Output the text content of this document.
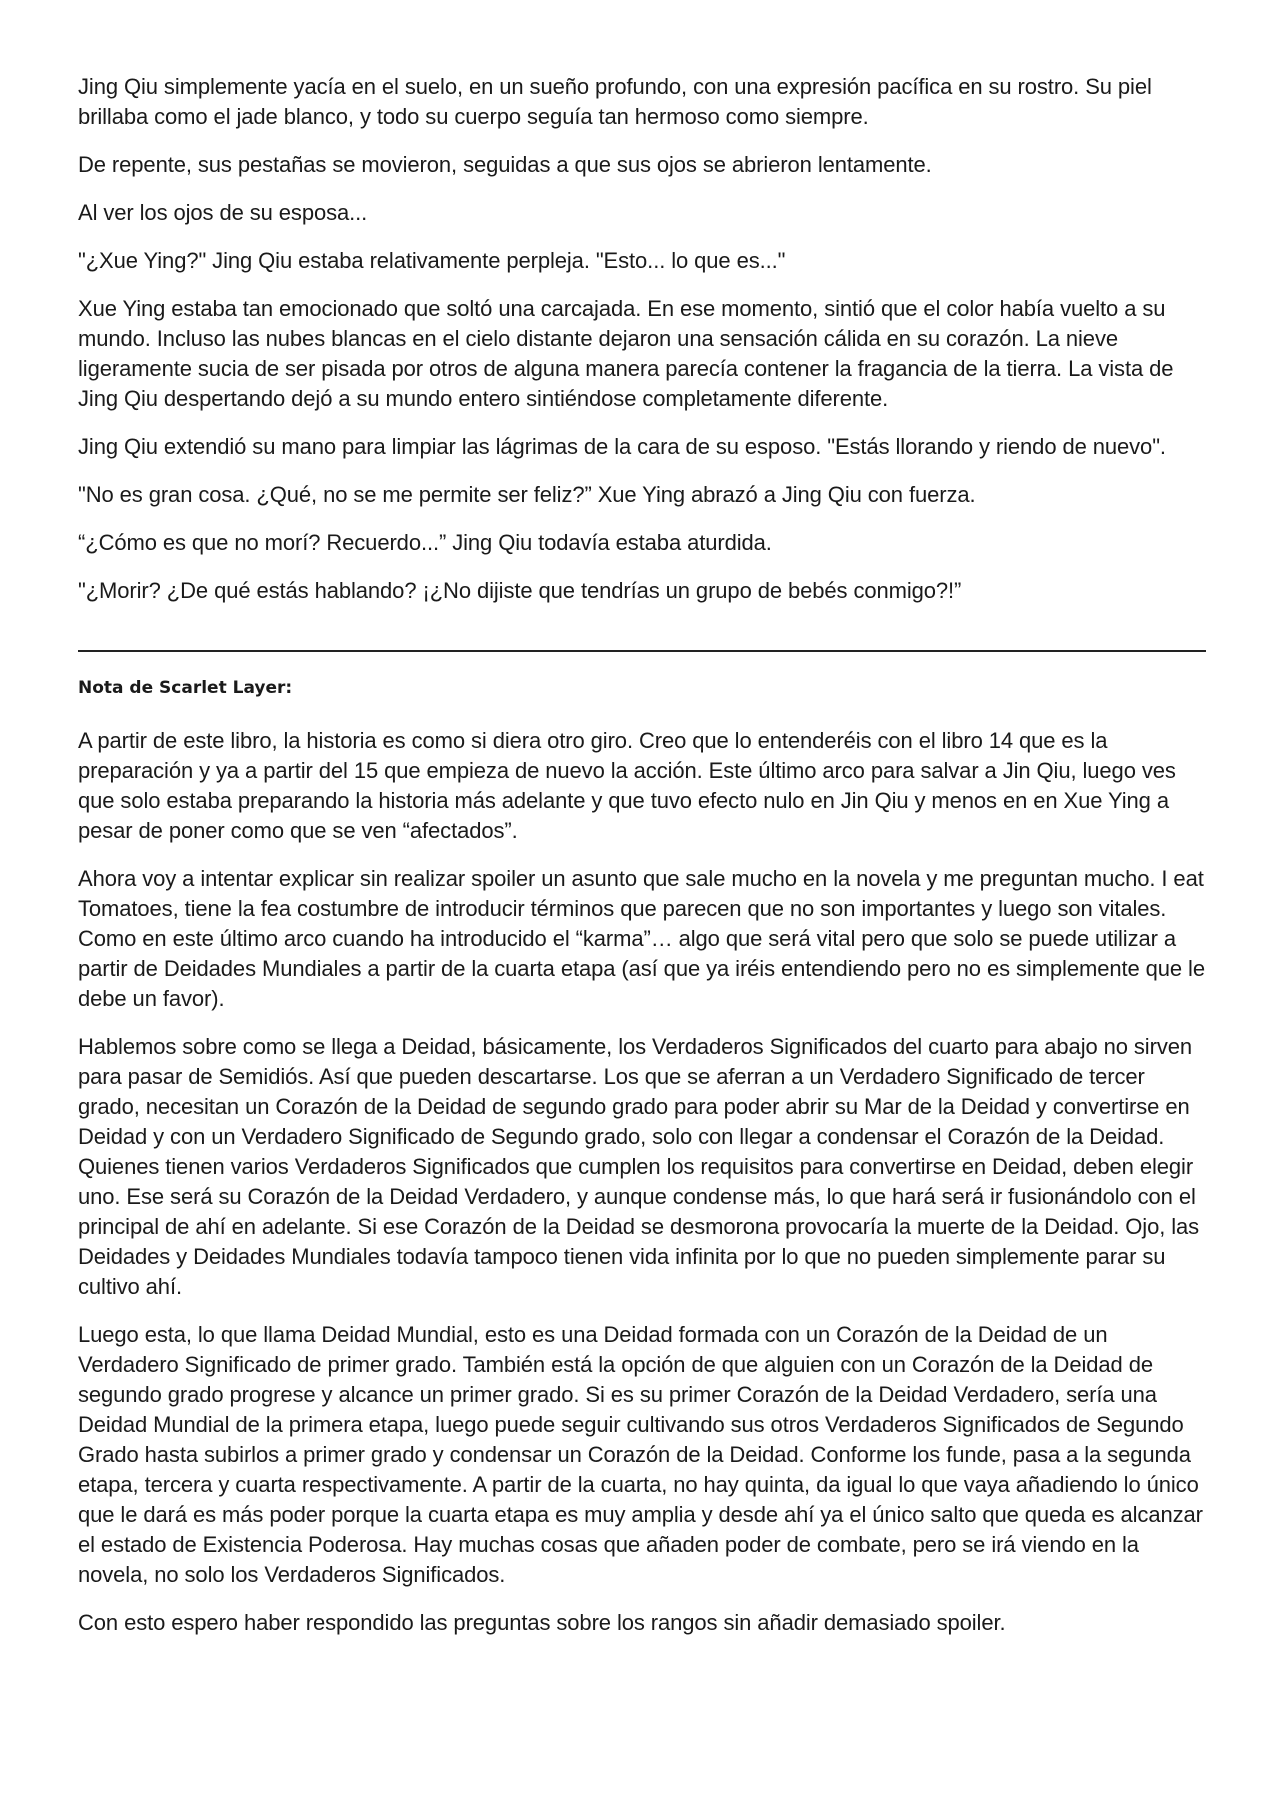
Jing Qiu simplemente yacía en el suelo, en un sueño profundo, con una expresión pacífica en su rostro. Su piel brillaba como el jade blanco, y todo su cuerpo seguía tan hermoso como siempre.

De repente, sus pestañas se movieron, seguidas a que sus ojos se abrieron lentamente.

Al ver los ojos de su esposa...

"¿Xue Ying?" Jing Qiu estaba relativamente perpleja. "Esto... lo que es..."

Xue Ying estaba tan emocionado que soltó una carcajada. En ese momento, sintió que el color había vuelto a su mundo. Incluso las nubes blancas en el cielo distante dejaron una sensación cálida en su corazón. La nieve ligeramente sucia de ser pisada por otros de alguna manera parecía contener la fragancia de la tierra. La vista de Jing Qiu despertando dejó a su mundo entero sintiéndose completamente diferente.

Jing Qiu extendió su mano para limpiar las lágrimas de la cara de su esposo. "Estás llorando y riendo de nuevo".

"No es gran cosa. ¿Qué, no se me permite ser feliz?” Xue Ying abrazó a Jing Qiu con fuerza.

“¿Cómo es que no morí? Recuerdo...” Jing Qiu todavía estaba aturdida.

"¿Morir? ¿De qué estás hablando? ¡¿No dijiste que tendrías un grupo de bebés conmigo?!”

Nota de Scarlet Layer:

A partir de este libro, la historia es como si diera otro giro. Creo que lo entenderéis con el libro 14 que es la preparación y ya a partir del 15 que empieza de nuevo la acción. Este último arco para salvar a Jin Qiu, luego ves que solo estaba preparando la historia más adelante y que tuvo efecto nulo en Jin Qiu y menos en en Xue Ying a pesar de poner como que se ven “afectados”.

Ahora voy a intentar explicar sin realizar spoiler un asunto que sale mucho en la novela y me preguntan mucho. I eat Tomatoes, tiene la fea costumbre de introducir términos que parecen que no son importantes y luego son vitales. Como en este último arco cuando ha introducido el “karma”… algo que será vital pero que solo se puede utilizar a partir de Deidades Mundiales a partir de la cuarta etapa (así que ya iréis entendiendo pero no es simplemente que le debe un favor).

Hablemos sobre como se llega a Deidad, básicamente, los Verdaderos Significados del cuarto para abajo no sirven para pasar de Semidiós. Así que pueden descartarse. Los que se aferran a un Verdadero Significado de tercer grado, necesitan un Corazón de la Deidad de segundo grado para poder abrir su Mar de la Deidad y convertirse en Deidad y con un Verdadero Significado de Segundo grado, solo con llegar a condensar el Corazón de la Deidad. Quienes tienen varios Verdaderos Significados que cumplen los requisitos para convertirse en Deidad, deben elegir uno. Ese será su Corazón de la Deidad Verdadero, y aunque condense más, lo que hará será ir fusionándolo con el principal de ahí en adelante. Si ese Corazón de la Deidad se desmorona provocaría la muerte de la Deidad. Ojo, las Deidades y Deidades Mundiales todavía tampoco tienen vida infinita por lo que no pueden simplemente parar su cultivo ahí.

Luego esta, lo que llama Deidad Mundial, esto es una Deidad formada con un Corazón de la Deidad de un Verdadero Significado de primer grado. También está la opción de que alguien con un Corazón de la Deidad de segundo grado progrese y alcance un primer grado. Si es su primer Corazón de la Deidad Verdadero, sería una Deidad Mundial de la primera etapa, luego puede seguir cultivando sus otros Verdaderos Significados de Segundo Grado hasta subirlos a primer grado y condensar un Corazón de la Deidad. Conforme los funde, pasa a la segunda etapa, tercera y cuarta respectivamente. A partir de la cuarta, no hay quinta, da igual lo que vaya añadiendo lo único que le dará es más poder porque la cuarta etapa es muy amplia y desde ahí ya el único salto que queda es alcanzar el estado de Existencia Poderosa. Hay muchas cosas que añaden poder de combate, pero se irá viendo en la novela, no solo los Verdaderos Significados.

Con esto espero haber respondido las preguntas sobre los rangos sin añadir demasiado spoiler.
